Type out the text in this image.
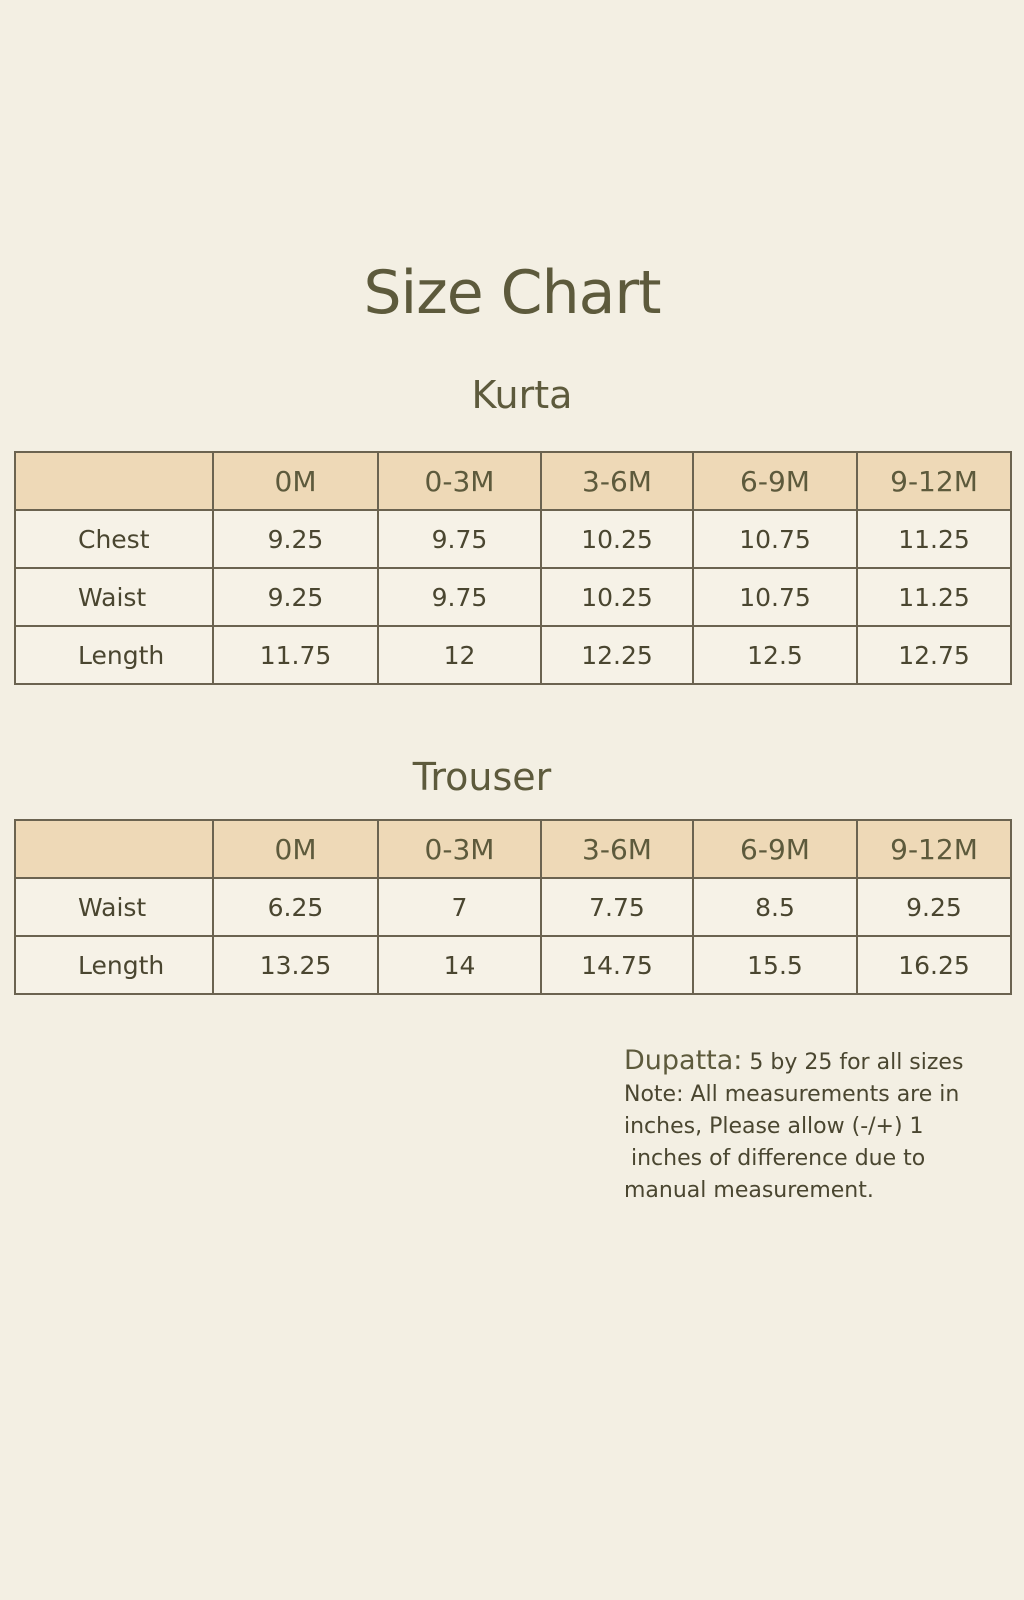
Size Chart
Kurta
	0M	0-3M	3-6M	6-9M	9-12M
Chest	9.25	9.75	10.25	10.75	11.25
Waist	9.25	9.75	10.25	10.75	11.25
Length	11.75	12	12.25	12.5	12.75
Trouser
	0M	0-3M	3-6M	6-9M	9-12M
Waist	6.25	7	7.75	8.5	9.25
Length	13.25	14	14.75	15.5	16.25
Dupatta: 5 by 25 for all sizes
Note: All measurements are in
inches, Please allow (-/+) 1
inches of difference due to
manual measurement.
